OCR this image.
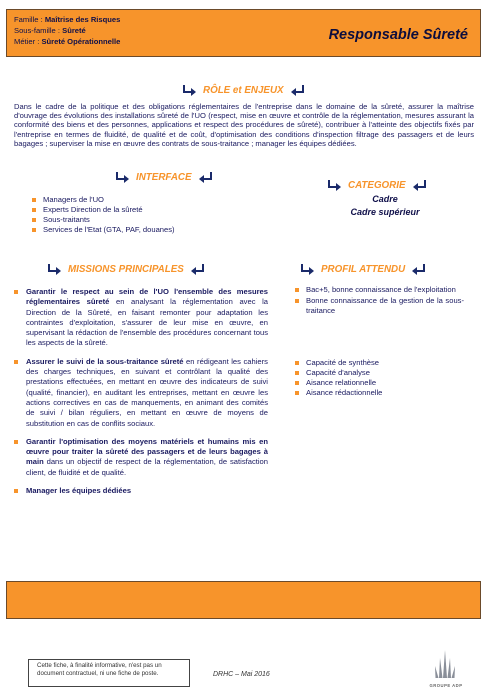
Famille : Maîtrise des Risques
Sous-famille : Sûreté
Métier : Sûreté Opérationnelle	Responsable Sûreté
RÔLE et ENJEUX
Dans le cadre de la politique et des obligations réglementaires de l'entreprise dans le domaine de la sûreté, assurer la maîtrise d'ouvrage des évolutions des installations sûreté de l'UO (respect, mise en œuvre et contrôle de la réglementation, mesures assurant la conformité des biens et des personnes, applications et respect des procédures de sûreté), contribuer à l'atteinte des objectifs fixés par l'entreprise en termes de fluidité, de qualité et de coût, d'optimisation des conditions d'inspection filtrage des passagers et de leurs bagages ; superviser la mise en œuvre des contrats de sous-traitance ; manager les équipes dédiées.
INTERFACE
Managers de l'UO
Experts Direction de la sûreté
Sous-traitants
Services de l'Etat (GTA, PAF, douanes)
CATEGORIE
Cadre
Cadre supérieur
MISSIONS PRINCIPALES
Garantir le respect au sein de l'UO l'ensemble des mesures réglementaires sûreté en analysant la réglementation avec la Direction de la Sûreté, en faisant remonter pour adaptation les contraintes d'exploitation, s'assurer de leur mise en œuvre, en supervisant la rédaction de l'ensemble des procédures concernant tous les aspects de la sûreté.
Assurer le suivi de la sous-traitance sûreté en rédigeant les cahiers des charges techniques, en suivant et contrôlant la qualité des prestations effectuées, en mettant en œuvre des indicateurs de suivi (qualité, financier), en auditant les entreprises, mettant en œuvre les actions correctives en cas de manquements, en animant des comités de suivi / bilan réguliers, en mettant en œuvre de moyens de substitution en cas de conflits sociaux.
Garantir l'optimisation des moyens matériels et humains mis en œuvre pour traiter la sûreté des passagers et de leurs bagages à main dans un objectif de respect de la réglementation, de satisfaction client, de fluidité et de qualité.
Manager les équipes dédiées
PROFIL ATTENDU
Bac+5, bonne connaissance de l'exploitation
Bonne connaissance de la gestion de la sous-traitance
Capacité de synthèse
Capacité d'analyse
Aisance relationnelle
Aisance rédactionnelle
Cette fiche, à finalité informative, n'est pas un document contractuel, ni une fiche de poste.	DRHC – Mai 2016
GROUPE ADP
